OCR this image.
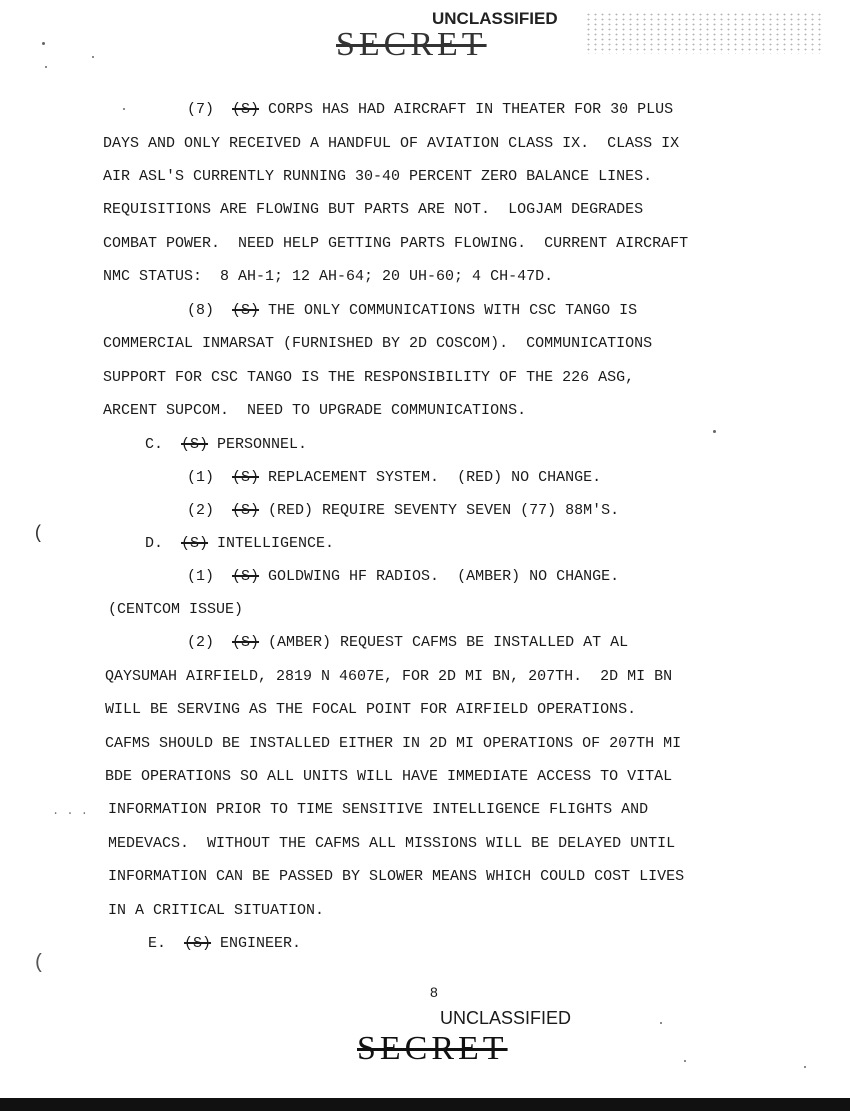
UNCLASSIFIED
SECRET
(7)  (S) CORPS HAS HAD AIRCRAFT IN THEATER FOR 30 PLUS
DAYS AND ONLY RECEIVED A HANDFUL OF AVIATION CLASS IX.  CLASS IX
AIR ASL'S CURRENTLY RUNNING 30-40 PERCENT ZERO BALANCE LINES.
REQUISITIONS ARE FLOWING BUT PARTS ARE NOT.  LOGJAM DEGRADES
COMBAT POWER.  NEED HELP GETTING PARTS FLOWING.  CURRENT AIRCRAFT
NMC STATUS:  8 AH-1; 12 AH-64; 20 UH-60; 4 CH-47D.
(8)  (S) THE ONLY COMMUNICATIONS WITH CSC TANGO IS
COMMERCIAL INMARSAT (FURNISHED BY 2D COSCOM).  COMMUNICATIONS
SUPPORT FOR CSC TANGO IS THE RESPONSIBILITY OF THE 226 ASG,
ARCENT SUPCOM.  NEED TO UPGRADE COMMUNICATIONS.
C.  (S) PERSONNEL.
(1)  (S) REPLACEMENT SYSTEM.  (RED) NO CHANGE.
(2)  (S) (RED) REQUIRE SEVENTY SEVEN (77) 88M'S.
D.  (S) INTELLIGENCE.
(1)  (S) GOLDWING HF RADIOS.  (AMBER) NO CHANGE.
(CENTCOM ISSUE)
(2)  (S) (AMBER) REQUEST CAFMS BE INSTALLED AT AL
QAYSUMAH AIRFIELD, 2819 N 4607E, FOR 2D MI BN, 207TH.  2D MI BN
WILL BE SERVING AS THE FOCAL POINT FOR AIRFIELD OPERATIONS.
CAFMS SHOULD BE INSTALLED EITHER IN 2D MI OPERATIONS OF 207TH MI
BDE OPERATIONS SO ALL UNITS WILL HAVE IMMEDIATE ACCESS TO VITAL
INFORMATION PRIOR TO TIME SENSITIVE INTELLIGENCE FLIGHTS AND
MEDEVACS.  WITHOUT THE CAFMS ALL MISSIONS WILL BE DELAYED UNTIL
INFORMATION CAN BE PASSED BY SLOWER MEANS WHICH COULD COST LIVES
IN A CRITICAL SITUATION.
E.  (S) ENGINEER.
8
UNCLASSIFIED
SECRET
(
(
. . .
